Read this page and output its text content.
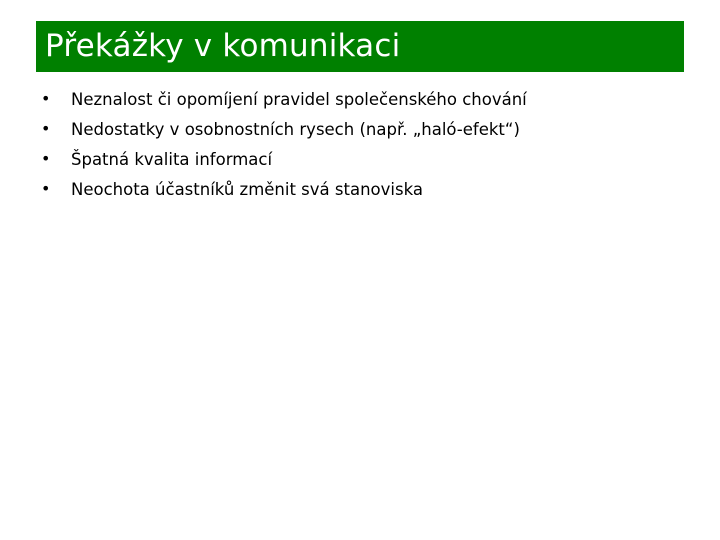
Překážky v komunikaci
•	Neznalost či opomíjení pravidel společenského chování
•	Nedostatky v osobnostních rysech (např. „haló-efekt“)
•	Špatná kvalita informací
•	Neochota účastníků změnit svá stanoviska
